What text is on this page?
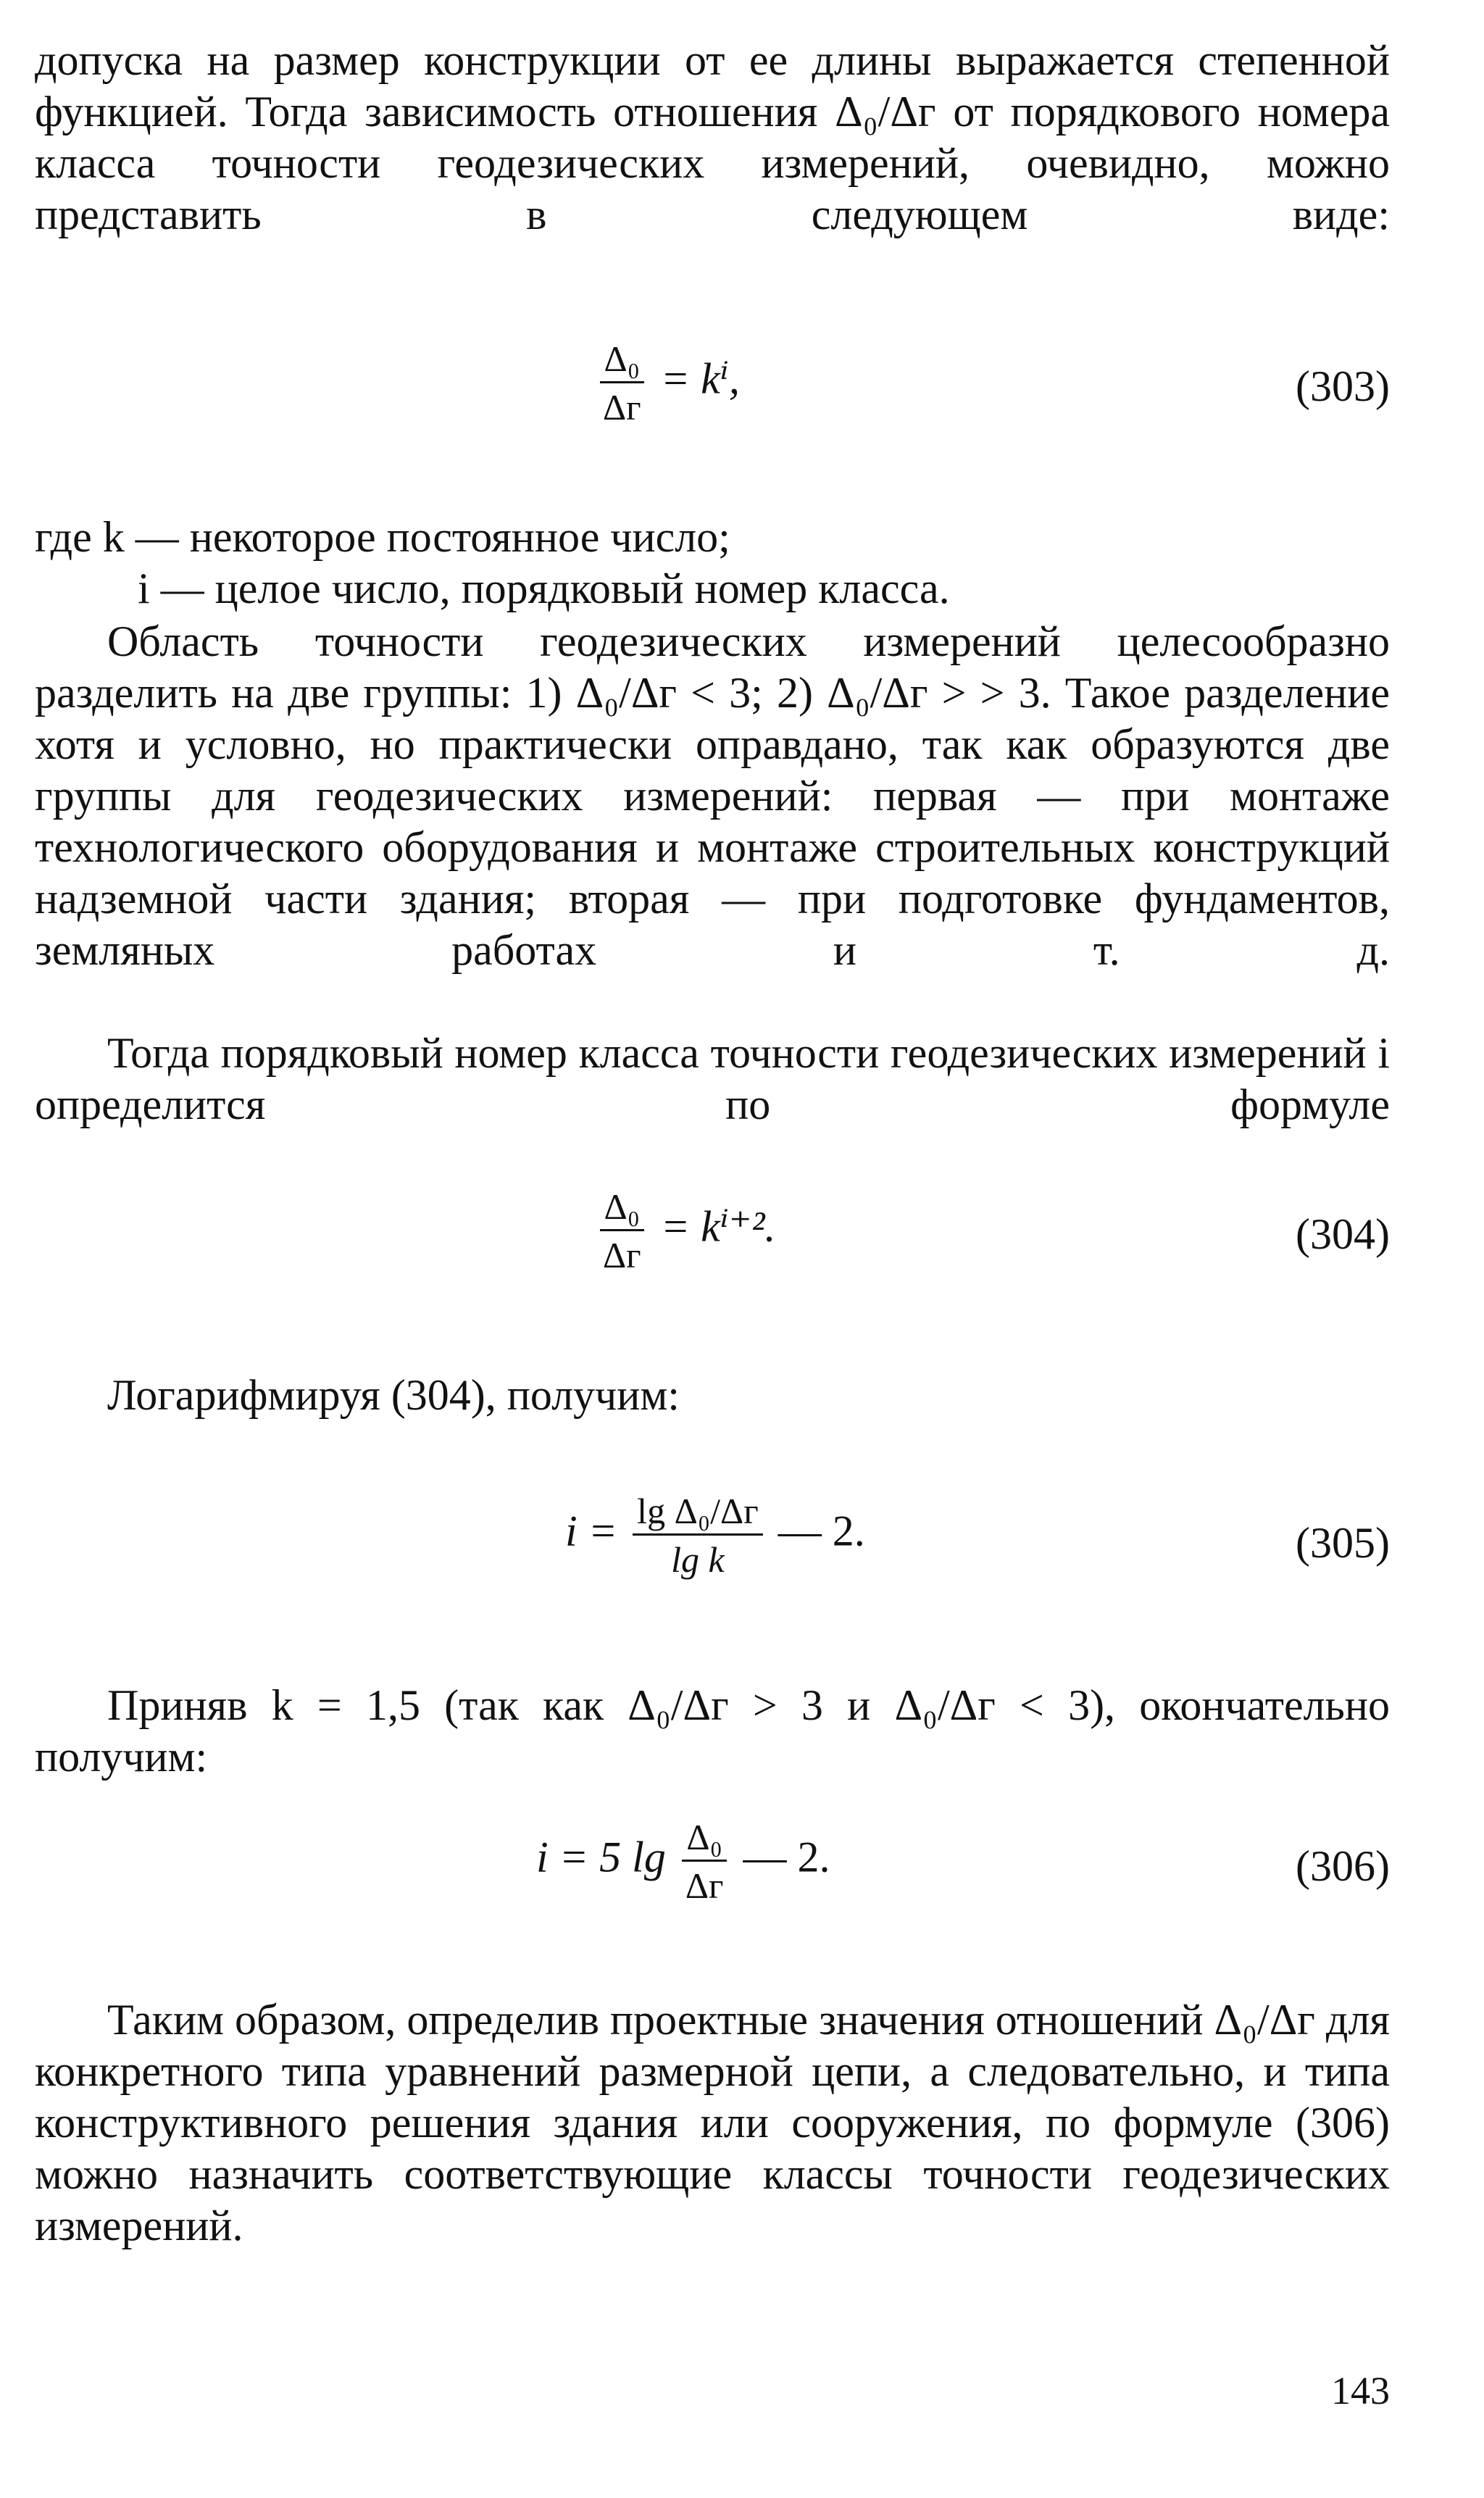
допуска на размер конструкции от ее длины выражается степенной функцией. Тогда зависимость отношения Δ₀/Δг от порядкового номера класса точности геодезических измерений, очевидно, можно представить в следующем виде:

$\frac{\text{Δ₀}}{\Delta г} = k^i$,	(303)
где k — некоторое постоянное число;
i — целое число, порядковый номер класса.

Область точности геодезических измерений целесообразно разделить на две группы: 1) Δ₀/Δг < 3; 2) Δ₀/Δг > > 3. Такое разделение хотя и условно, но практически оправдано, так как образуются две группы для геодезических измерений: первая — при монтаже технологического оборудования и монтаже строительных конструкций надземной части здания; вторая — при подготовке фундаментов, земляных работах и т. д.

Тогда порядковый номер класса точности геодезических измерений i определится по формуле

$\frac{\text{Δ₀}}{\Delta г} = k^{i+2}$.	(304)
Логарифмируя (304), получим:
$i = \frac{\text{lg Δ₀/Δг}}{\text{lg k}}$ — 2.	(305)

Приняв k = 1,5 (так как Δ₀/Δг > 3 и Δ₀/Δг < 3), окончательно получим:

i = 5 $\lg \frac{\text{Δ₀}}{\Delta г}$ — 2.	(306)

Таким образом, определив проектные значения отношений Δ₀/Δг для конкретного типа уравнений размерной цепи, а следовательно, и типа конструктивного решения здания или сооружения, по формуле (306) можно назначить соответствующие классы точности геодезических измерений.

143
